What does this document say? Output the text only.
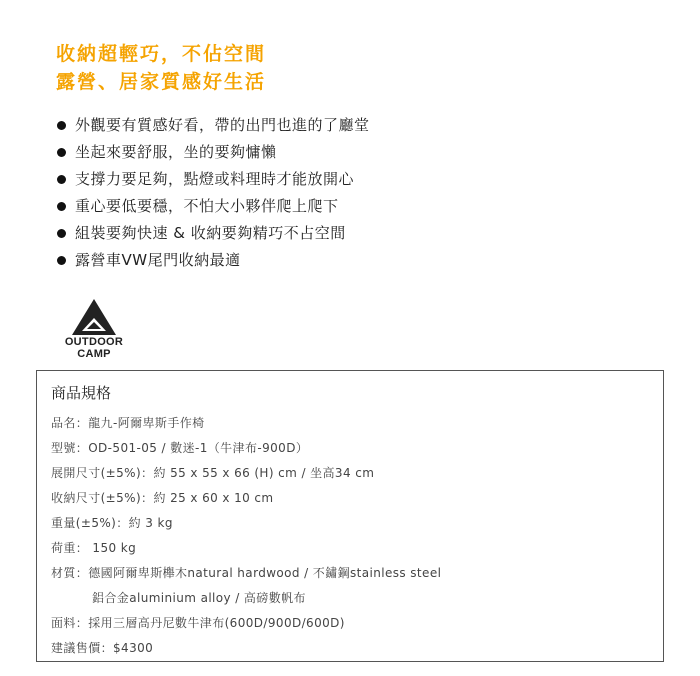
收納超輕巧，不佔空間
露營、居家質感好生活
外觀要有質感好看，帶的出門也進的了廳堂
坐起來要舒服，坐的要夠慵懶
支撐力要足夠，點燈或料理時才能放開心
重心要低要穩，不怕大小夥伴爬上爬下
組裝要夠快速 & 收納要夠精巧不占空間
露營車VW尾門收納最適
OUTDOOR
CAMP
商品規格
品名：龍九-阿爾卑斯手作椅
型號：OD-501-05 / 數迷-1（牛津布-900D）
展開尺寸(±5%)：約 55 x 55 x 66 (H) cm / 坐高34 cm
收納尺寸(±5%)：約 25 x 60 x 10 cm
重量(±5%)：約 3 kg
荷重： 150 kg
材質：德國阿爾卑斯櫸木natural hardwood / 不鏽鋼stainless steel
鋁合金aluminium alloy / 高磅數帆布
面料：採用三層高丹尼數牛津布(600D/900D/600D)
建議售價：$4300
